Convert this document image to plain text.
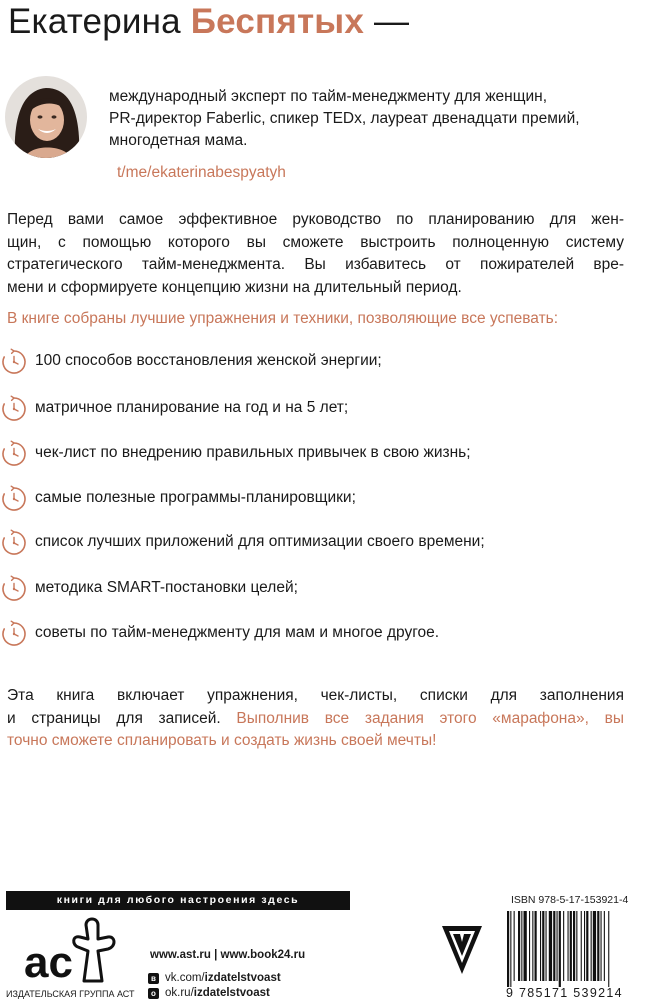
Екатерина Беспятых —
международный эксперт по тайм-менеджменту для женщин,
PR-директор Faberlic, спикер TEDx, лауреат двенадцати премий,
многодетная мама.
t/me/ekaterinabespyatyh
Перед вами самое эффективное руководство по планированию для жен-
щин, с помощью которого вы сможете выстроить полноценную систему
стратегического тайм-менеджмента. Вы избавитесь от пожирателей вре-
мени и сформируете концепцию жизни на длительный период.
В книге собраны лучшие упражнения и техники, позволяющие все успевать:
100 способов восстановления женской энергии;
матричное планирование на год и на 5 лет;
чек-лист по внедрению правильных привычек в свою жизнь;
самые полезные программы-планировщики;
список лучших приложений для оптимизации своего времени;
методика SMART-постановки целей;
советы по тайм-менеджменту для мам и многое другое.
Эта книга включает упражнения, чек-листы, списки для заполнения
и страницы для записей. Выполнив все задания этого «марафона», вы
точно сможете спланировать и создать жизнь своей мечты!
книги для любого настроения здесь
ac
ИЗДАТЕЛЬСКАЯ ГРУППА АСТ
www.ast.ru | www.book24.ru
в vk.com/ izdatelstvoast
о ok.ru/ izdatelstvoast
ISBN 978-5-17-153921-4
9 785171 539214
